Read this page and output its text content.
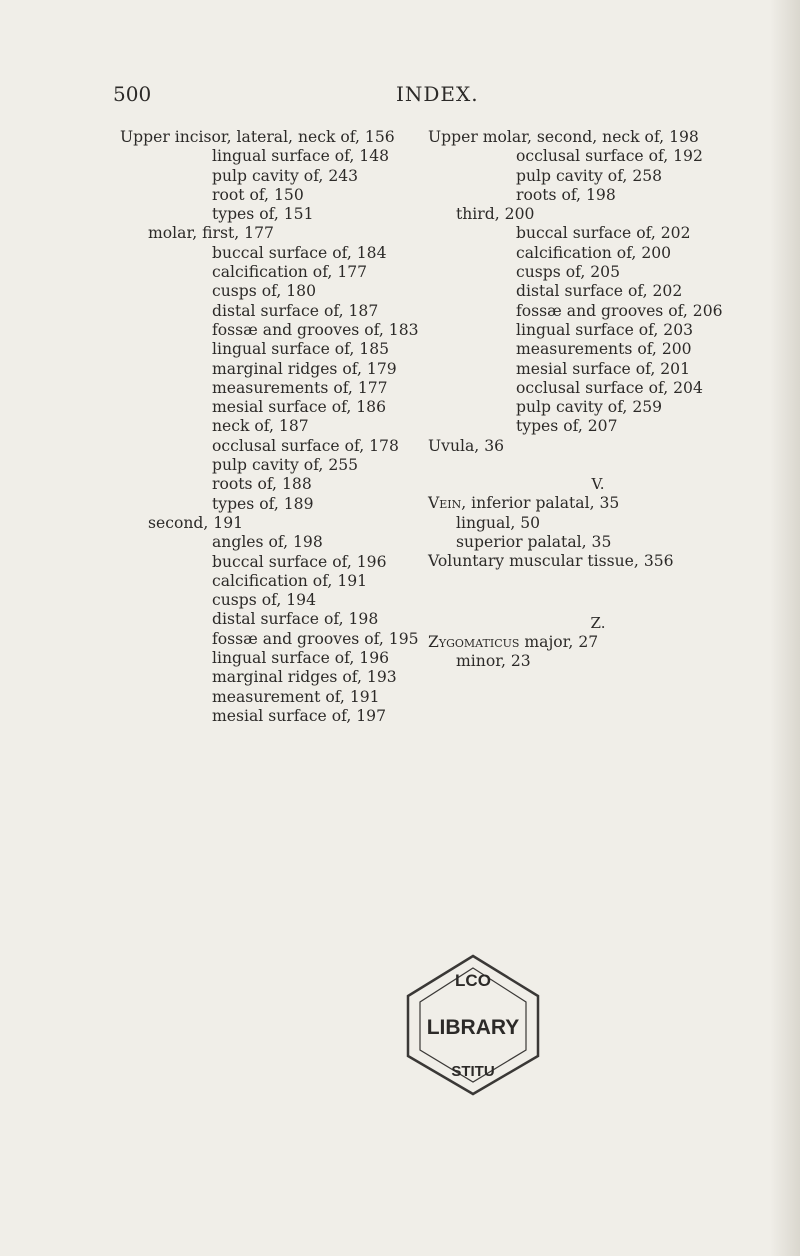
500	INDEX.
Upper incisor, lateral, neck of, 156
lingual surface of, 148
pulp cavity of, 243
root of, 150
types of, 151
molar, first, 177
buccal surface of, 184
calcification of, 177
cusps of, 180
distal surface of, 187
fossæ and grooves of, 183
lingual surface of, 185
marginal ridges of, 179
measurements of, 177
mesial surface of, 186
neck of, 187
occlusal surface of, 178
pulp cavity of, 255
roots of, 188
types of, 189
second, 191
angles of, 198
buccal surface of, 196
calcification of, 191
cusps of, 194
distal surface of, 198
fossæ and grooves of, 195
lingual surface of, 196
marginal ridges of, 193
measurement of, 191
mesial surface of, 197
Upper molar, second, neck of, 198
occlusal surface of, 192
pulp cavity of, 258
roots of, 198
third, 200
buccal surface of, 202
calcification of, 200
cusps of, 205
distal surface of, 202
fossæ and grooves of, 206
lingual surface of, 203
measurements of, 200
mesial surface of, 201
occlusal surface of, 204
pulp cavity of, 259
types of, 207
Uvula, 36
V.
Vein, inferior palatal, 35
lingual, 50
superior palatal, 35
Voluntary muscular tissue, 356
Z.
Zygomaticus major, 27
minor, 23
LCO
LIBRARY
STITU
